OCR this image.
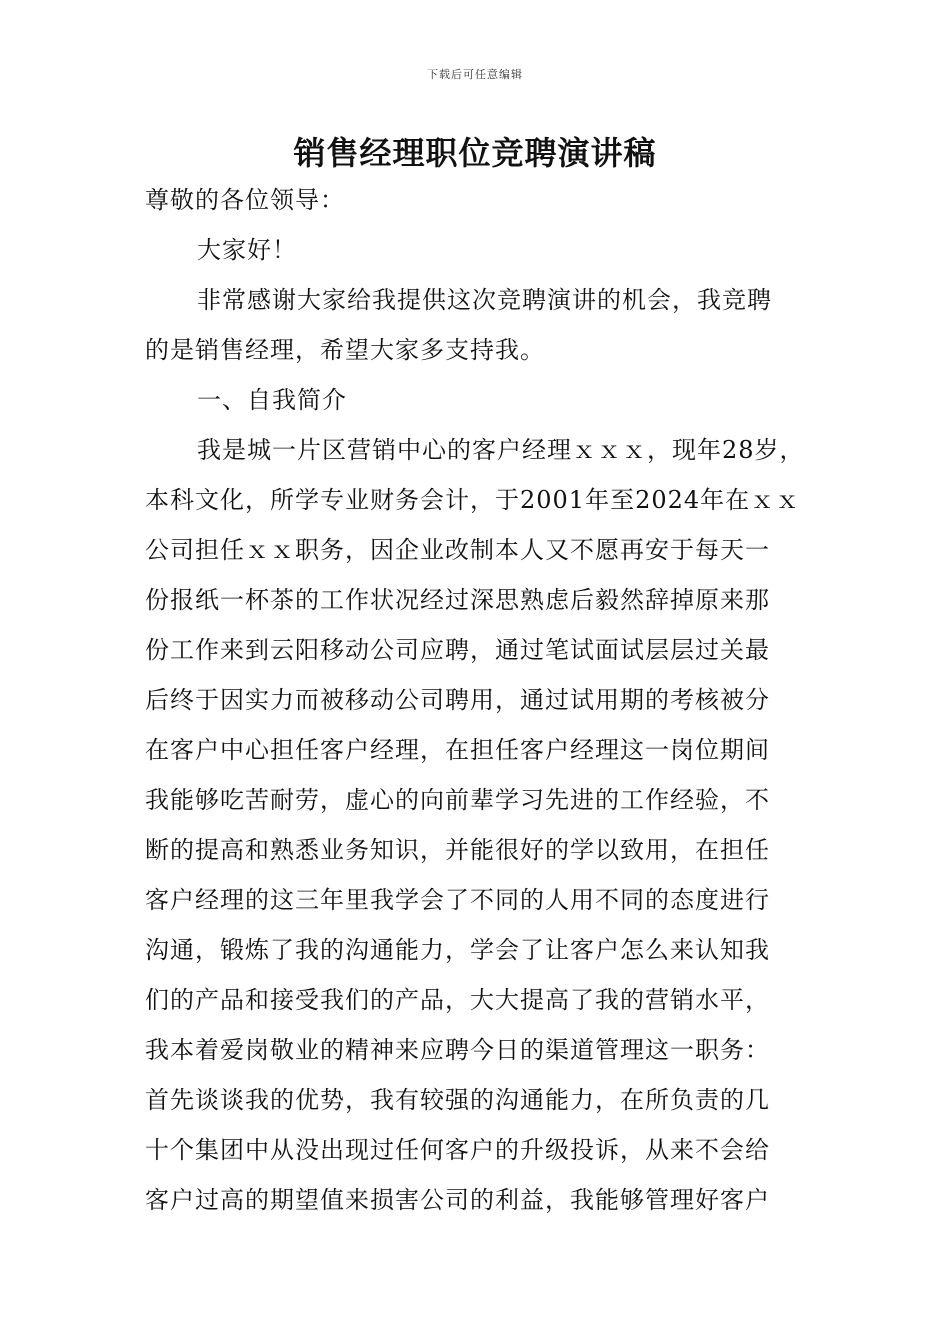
下载后可任意编辑
销售经理职位竞聘演讲稿
尊敬的各位领导：
大家好！
非常感谢大家给我提供这次竞聘演讲的机会，我竞聘
的是销售经理，希望大家多支持我。
一、自我简介
我是城一片区营销中心的客户经理ｘｘｘ，现年28岁，
本科文化，所学专业财务会计，于2001年至2024年在ｘｘ
公司担任ｘｘ职务，因企业改制本人又不愿再安于每天一
份报纸一杯茶的工作状况经过深思熟虑后毅然辞掉原来那
份工作来到云阳移动公司应聘，通过笔试面试层层过关最
后终于因实力而被移动公司聘用，通过试用期的考核被分
在客户中心担任客户经理，在担任客户经理这一岗位期间
我能够吃苦耐劳，虚心的向前辈学习先进的工作经验，不
断的提高和熟悉业务知识，并能很好的学以致用，在担任
客户经理的这三年里我学会了不同的人用不同的态度进行
沟通，锻炼了我的沟通能力，学会了让客户怎么来认知我
们的产品和接受我们的产品，大大提高了我的营销水平，
我本着爱岗敬业的精神来应聘今日的渠道管理这一职务：
首先谈谈我的优势，我有较强的沟通能力，在所负责的几
十个集团中从没出现过任何客户的升级投诉，从来不会给
客户过高的期望值来损害公司的利益，我能够管理好客户
